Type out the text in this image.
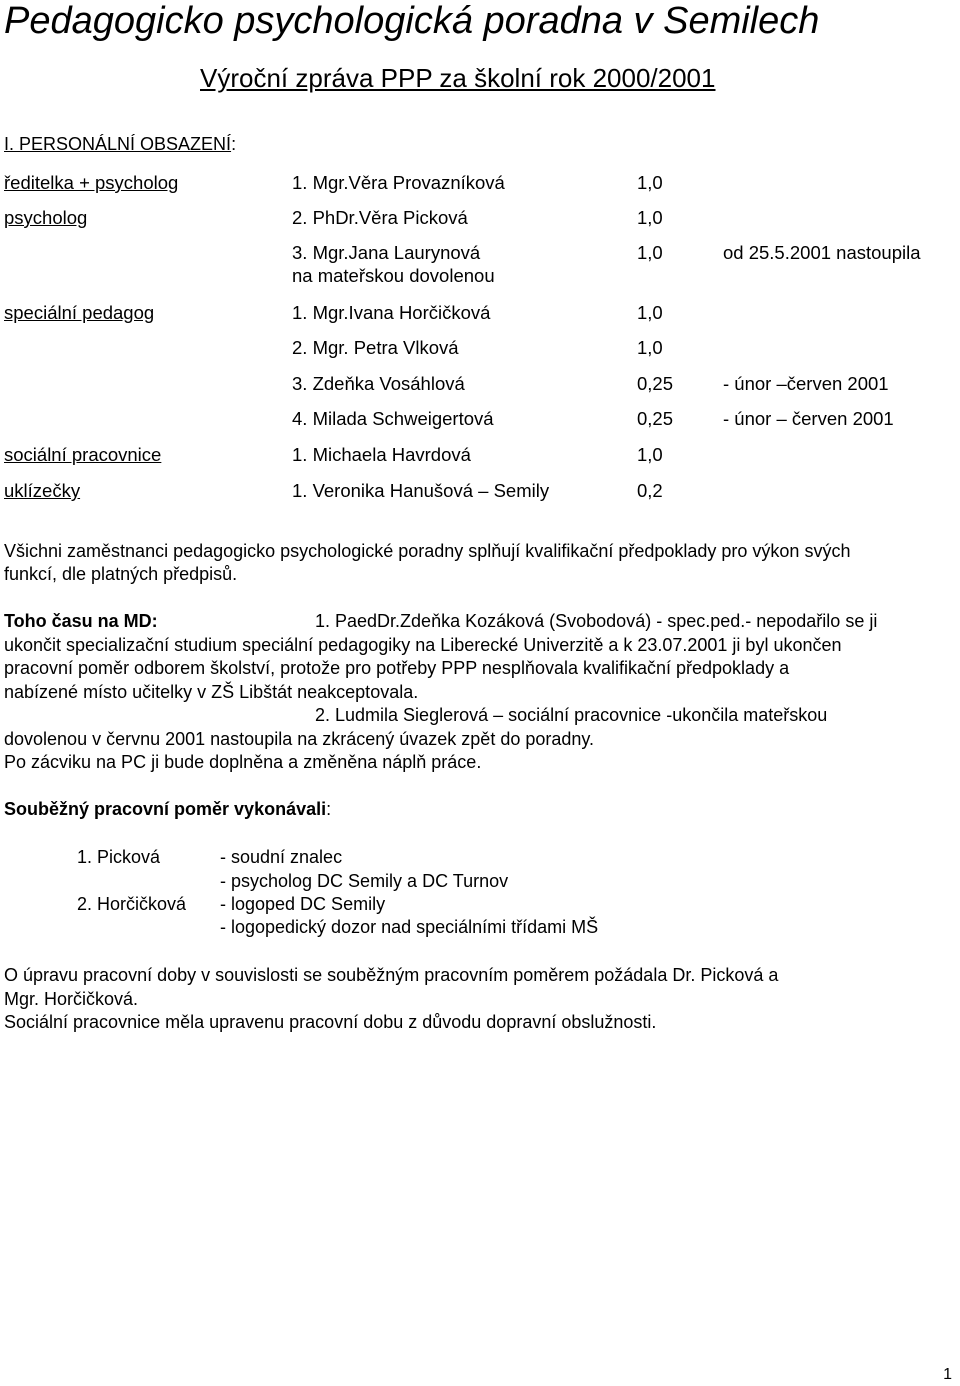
Pedagogicko psychologická poradna v Semilech
Výroční zpráva PPP za školní rok 2000/2001
I. PERSONÁLNÍ OBSAZENÍ:
ředitelka + psycholog
psycholog
speciální pedagog
sociální pracovnice
uklízečky
1. Mgr.Věra Provazníková
2. PhDr.Věra Picková
3. Mgr.Jana Laurynová
na mateřskou dovolenou
1. Mgr.Ivana Horčičková
2. Mgr. Petra Vlková
3. Zdeňka Vosáhlová
4. Milada Schweigertová
1. Michaela Havrdová
1. Veronika Hanušová – Semily
1,0
1,0
1,0
1,0
1,0
0,25
0,25
1,0
0,2
od 25.5.2001 nastoupila
- únor –červen 2001
- únor – červen 2001
Všichni zaměstnanci pedagogicko psychologické poradny splňují kvalifikační předpoklady pro výkon svých
funkcí, dle platných předpisů.
Toho času na MD:	1. PaedDr.Zdeňka Kozáková (Svobodová) - spec.ped.- nepodařilo se ji
ukončit specializační studium speciální pedagogiky na Liberecké Univerzitě a k 23.07.2001 ji byl ukončen
pracovní poměr odborem školství, protože pro potřeby PPP nesplňovala kvalifikační předpoklady a
nabízené místo učitelky v ZŠ Libštát neakceptovala.
2. Ludmila Sieglerová – sociální pracovnice -ukončila mateřskou
dovolenou v červnu 2001 nastoupila na zkrácený úvazek zpět do poradny.
Po zácviku na PC ji bude doplněna a změněna náplň práce.
Souběžný pracovní poměr vykonávali:
1. Picková	- soudní znalec
- psycholog DC Semily a DC Turnov
2. Horčičková - logoped DC Semily
- logopedický dozor nad speciálními třídami MŠ
O úpravu pracovní doby v souvislosti se souběžným pracovním poměrem požádala Dr. Picková a
Mgr. Horčičková.
Sociální pracovnice měla upravenu pracovní dobu z důvodu dopravní obslužnosti.
1
